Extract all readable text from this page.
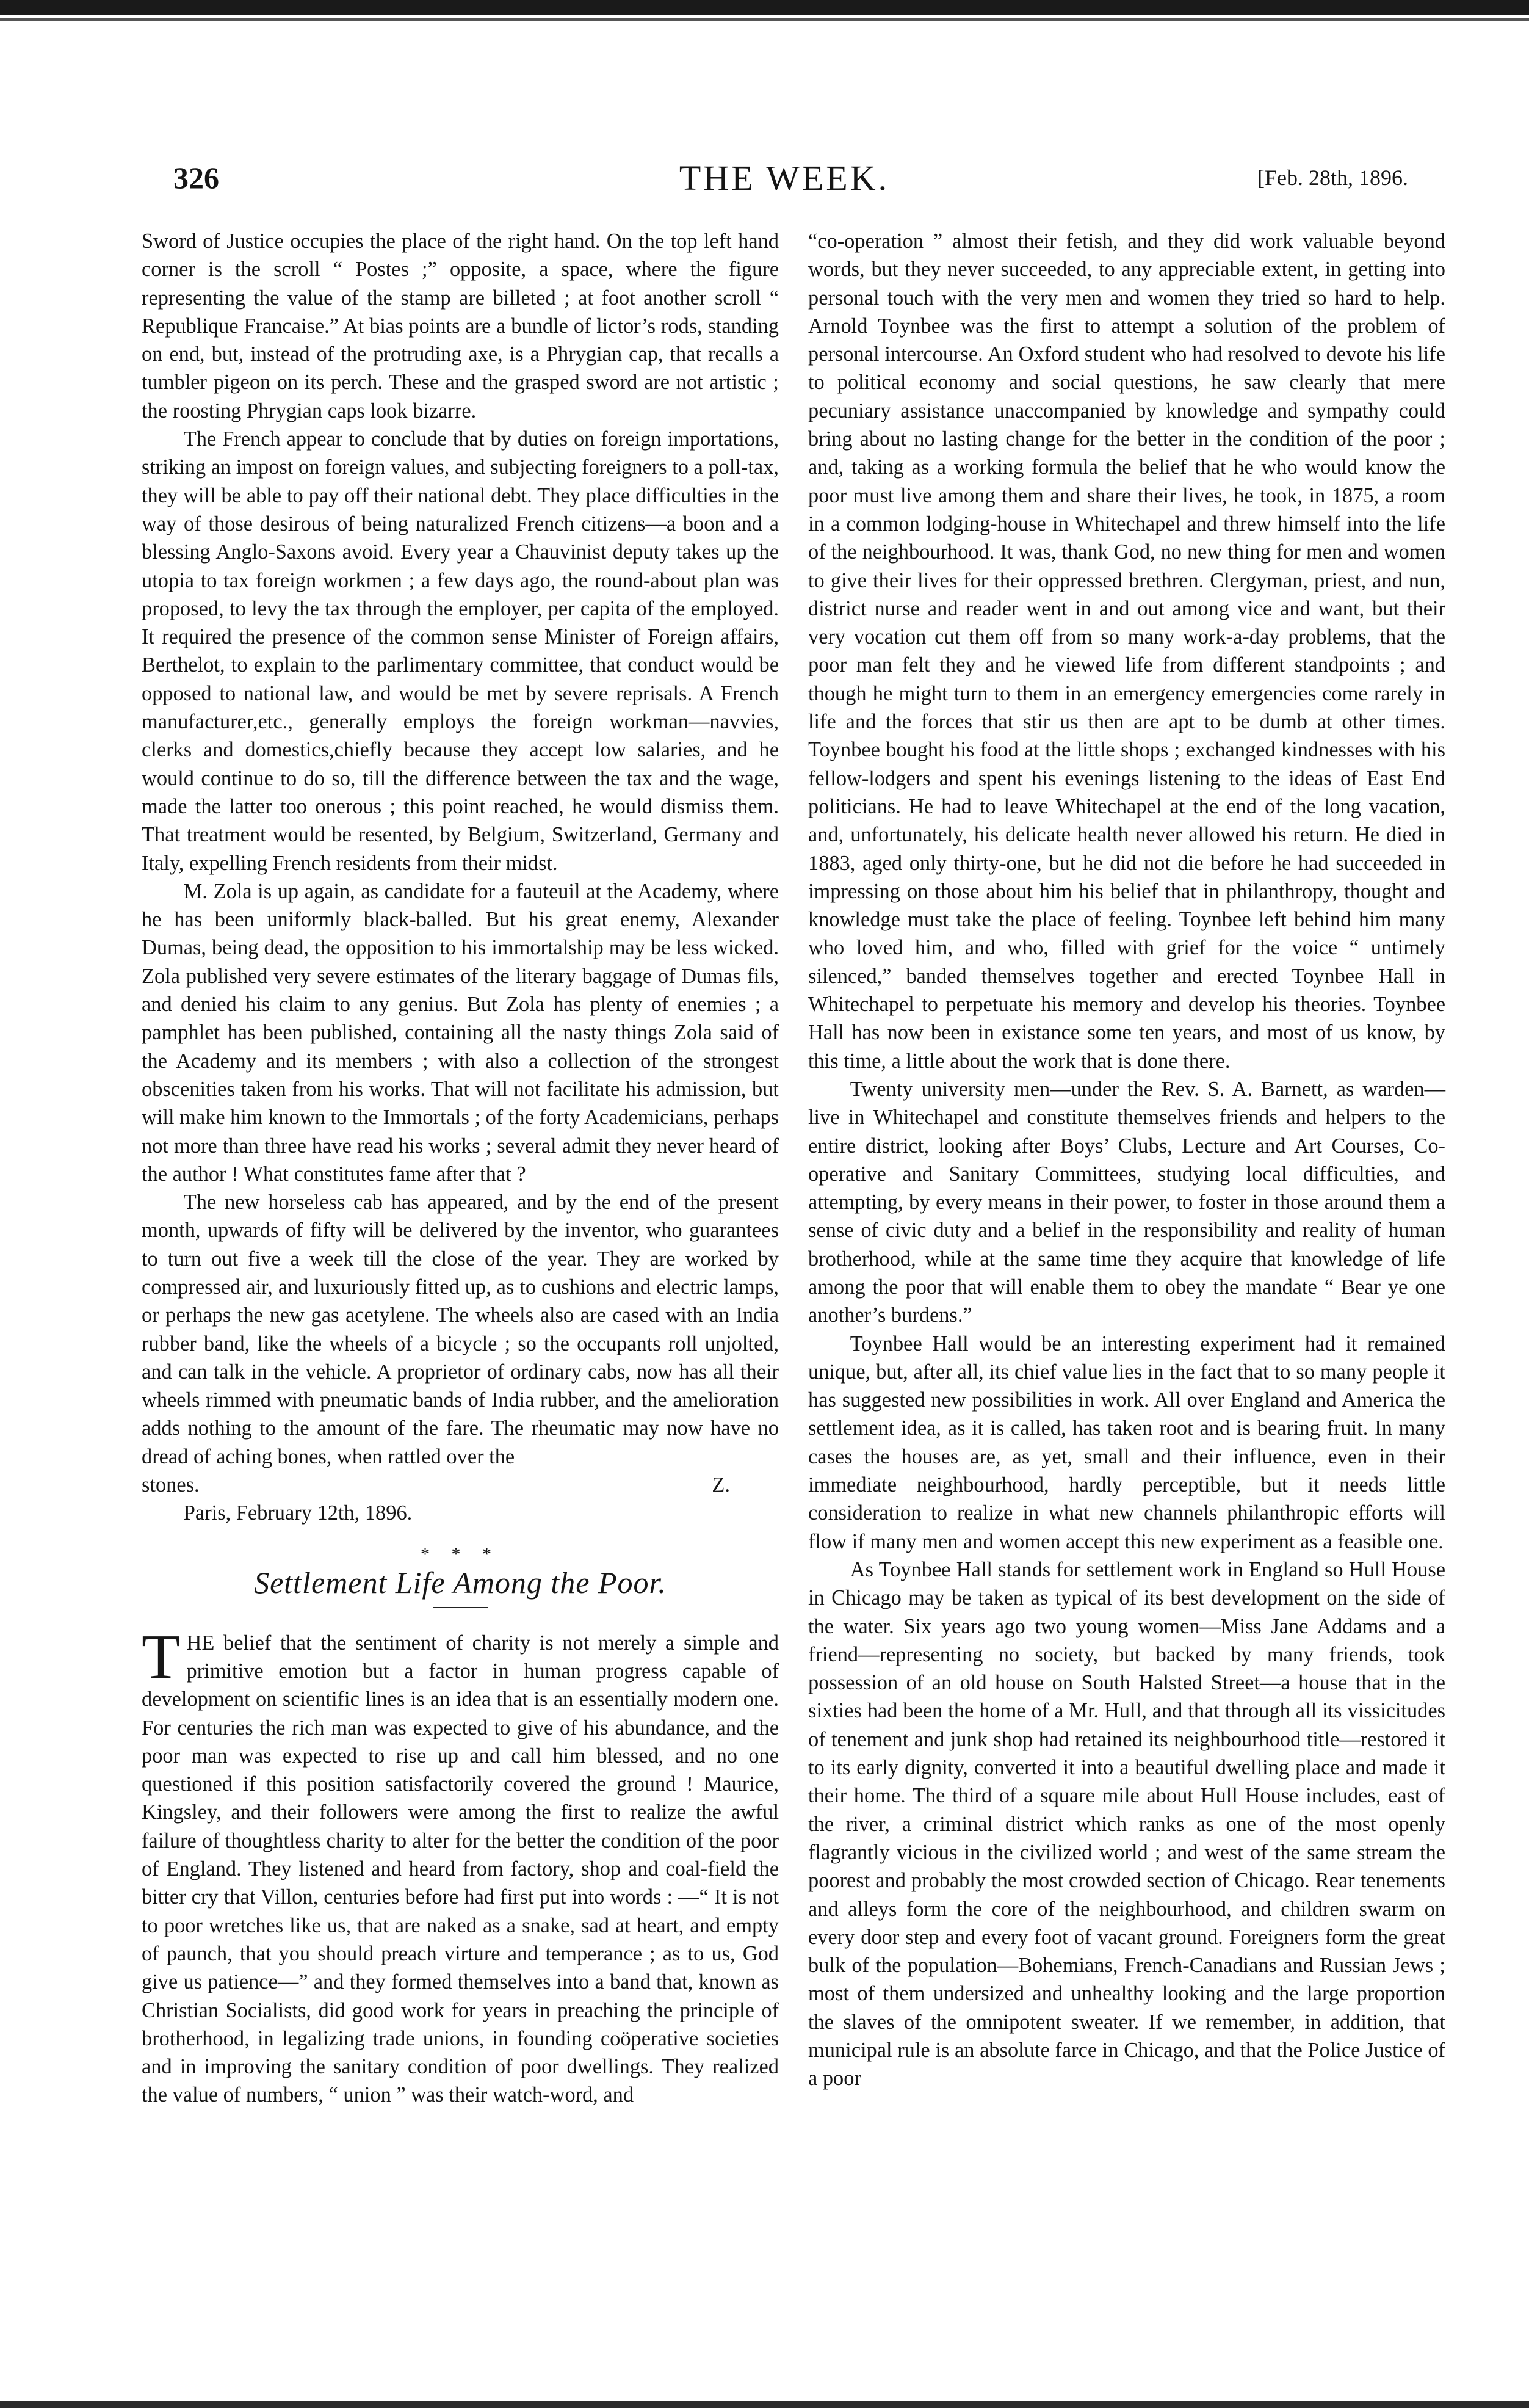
326	THE WEEK.	[Feb. 28th, 1896.

Sword of Justice occupies the place of the right hand. On the top left hand corner is the scroll “ Postes ;” opposite, a space, where the figure representing the value of the stamp are billeted ; at foot another scroll “ Republique Francaise.” At bias points are a bundle of lictor’s rods, standing on end, but, instead of the protruding axe, is a Phrygian cap, that recalls a tumbler pigeon on its perch. These and the grasped sword are not artistic ; the roosting Phrygian caps look bizarre.

The French appear to conclude that by duties on foreign importations, striking an impost on foreign values, and subjecting foreigners to a poll-tax, they will be able to pay off their national debt. They place difficulties in the way of those desirous of being naturalized French citizens—a boon and a blessing Anglo-Saxons avoid. Every year a Chauvinist deputy takes up the utopia to tax foreign workmen ; a few days ago, the round-about plan was proposed, to levy the tax through the employer, per capita of the employed. It required the presence of the common sense Minister of Foreign affairs, Berthelot, to explain to the parlimentary committee, that conduct would be opposed to national law, and would be met by severe reprisals. A French manufacturer,etc., generally employs the foreign workman—navvies, clerks and domestics,chiefly because they accept low salaries, and he would continue to do so, till the difference between the tax and the wage, made the latter too onerous ; this point reached, he would dismiss them. That treatment would be resented, by Belgium, Switzerland, Germany and Italy, expelling French residents from their midst.

M. Zola is up again, as candidate for a fauteuil at the Academy, where he has been uniformly black-balled. But his great enemy, Alexander Dumas, being dead, the opposition to his immortalship may be less wicked. Zola published very severe estimates of the literary baggage of Dumas fils, and denied his claim to any genius. But Zola has plenty of enemies ; a pamphlet has been published, containing all the nasty things Zola said of the Academy and its members ; with also a collection of the strongest obscenities taken from his works. That will not facilitate his admission, but will make him known to the Immortals ; of the forty Academicians, perhaps not more than three have read his works ; several admit they never heard of the author ! What constitutes fame after that ?

The new horseless cab has appeared, and by the end of the present month, upwards of fifty will be delivered by the inventor, who guarantees to turn out five a week till the close of the year. They are worked by compressed air, and luxuriously fitted up, as to cushions and electric lamps, or perhaps the new gas acetylene. The wheels also are cased with an India rubber band, like the wheels of a bicycle ; so the occupants roll unjolted, and can talk in the vehicle. A proprietor of ordinary cabs, now has all their wheels rimmed with pneumatic bands of India rubber, and the amelioration adds nothing to the amount of the fare. The rheumatic may now have no dread of aching bones, when rattled over the

stones.	Z.

Paris, February 12th, 1896.

* * *
Settlement Life Among the Poor.

T HE belief that the sentiment of charity is not merely a simple and primitive emotion but a factor in human progress capable of development on scientific lines is an idea that is an essentially modern one. For centuries the rich man was expected to give of his abundance, and the poor man was expected to rise up and call him blessed, and no one questioned if this position satisfactorily covered the ground ! Maurice, Kingsley, and their followers were among the first to realize the awful failure of thoughtless charity to alter for the better the condition of the poor of England. They listened and heard from factory, shop and coal-field the bitter cry that Villon, centuries before had first put into words : —“ It is not to poor wretches like us, that are naked as a snake, sad at heart, and empty of paunch, that you should preach virture and temperance ; as to us, God give us patience—” and they formed themselves into a band that, known as Christian Socialists, did good work for years in preaching the principle of brotherhood, in legalizing trade unions, in founding coöperative societies and in improving the sanitary condition of poor dwellings. They realized the value of numbers, “ union ” was their watch-word, and

“co-operation ” almost their fetish, and they did work valuable beyond words, but they never succeeded, to any appreciable extent, in getting into personal touch with the very men and women they tried so hard to help. Arnold Toynbee was the first to attempt a solution of the problem of personal intercourse. An Oxford student who had resolved to devote his life to political economy and social questions, he saw clearly that mere pecuniary assistance unaccompanied by knowledge and sympathy could bring about no lasting change for the better in the condition of the poor ; and, taking as a working formula the belief that he who would know the poor must live among them and share their lives, he took, in 1875, a room in a common lodging-house in Whitechapel and threw himself into the life of the neighbourhood. It was, thank God, no new thing for men and women to give their lives for their oppressed brethren. Clergyman, priest, and nun, district nurse and reader went in and out among vice and want, but their very vocation cut them off from so many work-a-day problems, that the poor man felt they and he viewed life from different standpoints ; and though he might turn to them in an emergency emergencies come rarely in life and the forces that stir us then are apt to be dumb at other times. Toynbee bought his food at the little shops ; exchanged kindnesses with his fellow-lodgers and spent his evenings listening to the ideas of East End politicians. He had to leave Whitechapel at the end of the long vacation, and, unfortunately, his delicate health never allowed his return. He died in 1883, aged only thirty-one, but he did not die before he had succeeded in impressing on those about him his belief that in philanthropy, thought and knowledge must take the place of feeling. Toynbee left behind him many who loved him, and who, filled with grief for the voice “ untimely silenced,” banded themselves together and erected Toynbee Hall in Whitechapel to perpetuate his memory and develop his theories. Toynbee Hall has now been in existance some ten years, and most of us know, by this time, a little about the work that is done there.

Twenty university men—under the Rev. S. A. Barnett, as warden—live in Whitechapel and constitute themselves friends and helpers to the entire district, looking after Boys’ Clubs, Lecture and Art Courses, Co-operative and Sanitary Committees, studying local difficulties, and attempting, by every means in their power, to foster in those around them a sense of civic duty and a belief in the responsibility and reality of human brotherhood, while at the same time they acquire that knowledge of life among the poor that will enable them to obey the mandate “ Bear ye one another’s burdens.”

Toynbee Hall would be an interesting experiment had it remained unique, but, after all, its chief value lies in the fact that to so many people it has suggested new possibilities in work. All over England and America the settlement idea, as it is called, has taken root and is bearing fruit. In many cases the houses are, as yet, small and their influence, even in their immediate neighbourhood, hardly perceptible, but it needs little consideration to realize in what new channels philanthropic efforts will flow if many men and women accept this new experiment as a feasible one.

As Toynbee Hall stands for settlement work in England so Hull House in Chicago may be taken as typical of its best development on the side of the water. Six years ago two young women—Miss Jane Addams and a friend—representing no society, but backed by many friends, took possession of an old house on South Halsted Street—a house that in the sixties had been the home of a Mr. Hull, and that through all its vissicitudes of tenement and junk shop had retained its neighbourhood title—restored it to its early dignity, converted it into a beautiful dwelling place and made it their home. The third of a square mile about Hull House includes, east of the river, a criminal district which ranks as one of the most openly flagrantly vicious in the civilized world ; and west of the same stream the poorest and probably the most crowded section of Chicago. Rear tenements and alleys form the core of the neighbourhood, and children swarm on every door step and every foot of vacant ground. Foreigners form the great bulk of the population—Bohemians, French-Canadians and Russian Jews ; most of them undersized and unhealthy looking and the large proportion the slaves of the omnipotent sweater. If we remember, in addition, that municipal rule is an absolute farce in Chicago, and that the Police Justice of a poor
